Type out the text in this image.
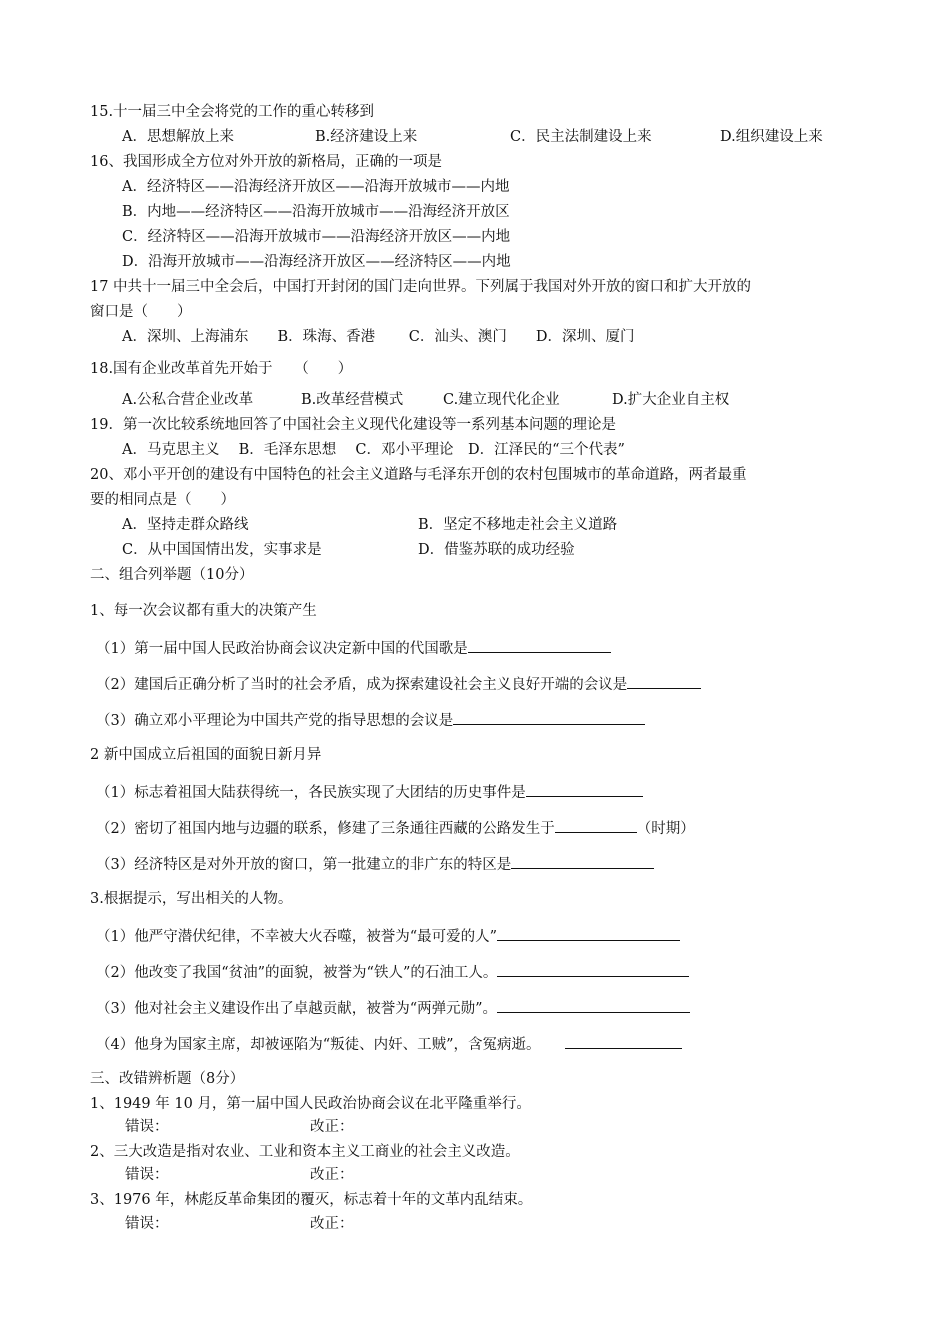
15.十一届三中全会将党的工作的重心转移到
A．思想解放上来	B.经济建设上来	C．民主法制建设上来	D.组织建设上来
16、我国形成全方位对外开放的新格局，正确的一项是
A．经济特区——沿海经济开放区——沿海开放城市——内地
B．内地——经济特区——沿海开放城市——沿海经济开放区
C．经济特区——沿海开放城市——沿海经济开放区——内地
D．沿海开放城市——沿海经济开放区——经济特区——内地
17 中共十一届三中全会后，中国打开封闭的国门走向世界。下列属于我国对外开放的窗口和扩大开放的
窗口是（　　）
A．深圳、上海浦东　　B．珠海、香港　　 C．汕头、澳门　　D．深圳、厦门
18.国有企业改革首先开始于　　（　　）
A.公私合营企业改革	B.改革经营模式	C.建立现代化企业	D.扩大企业自主权
19．第一次比较系统地回答了中国社会主义现代化建设等一系列基本问题的理论是
A．马克思主义　 B．毛泽东思想　 C．邓小平理论　D．江泽民的“三个代表”
20、邓小平开创的建设有中国特色的社会主义道路与毛泽东开创的农村包围城市的革命道路，两者最重
要的相同点是（　　）
A．坚持走群众路线	B．坚定不移地走社会主义道路
C．从中国国情出发，实事求是	D．借鉴苏联的成功经验
二、组合列举题（10分）
1、每一次会议都有重大的决策产生
（1）第一届中国人民政治协商会议决定新中国的代国歌是
（2）建国后正确分析了当时的社会矛盾，成为探索建设社会主义良好开端的会议是
（3）确立邓小平理论为中国共产党的指导思想的会议是
2 新中国成立后祖国的面貌日新月异
（1）标志着祖国大陆获得统一，各民族实现了大团结的历史事件是
（2）密切了祖国内地与边疆的联系，修建了三条通往西藏的公路发生于	（时期）
（3）经济特区是对外开放的窗口，第一批建立的非广东的特区是
3.根据提示，写出相关的人物。
（1）他严守潜伏纪律，不幸被大火吞噬，被誉为“最可爱的人”
（2）他改变了我国“贫油”的面貌，被誉为“铁人”的石油工人。
（3）他对社会主义建设作出了卓越贡献，被誉为“两弹元勋”。
（4）他身为国家主席，却被诬陷为“叛徒、内奸、工贼”，含冤病逝。
三、改错辨析题（8分）
1、1949 年 10 月，第一届中国人民政治协商会议在北平隆重举行。
错误：	改正：
2、三大改造是指对农业、工业和资本主义工商业的社会主义改造。
错误：	改正：
3、1976 年，林彪反革命集团的覆灭，标志着十年的文革内乱结束。
错误：	改正：
